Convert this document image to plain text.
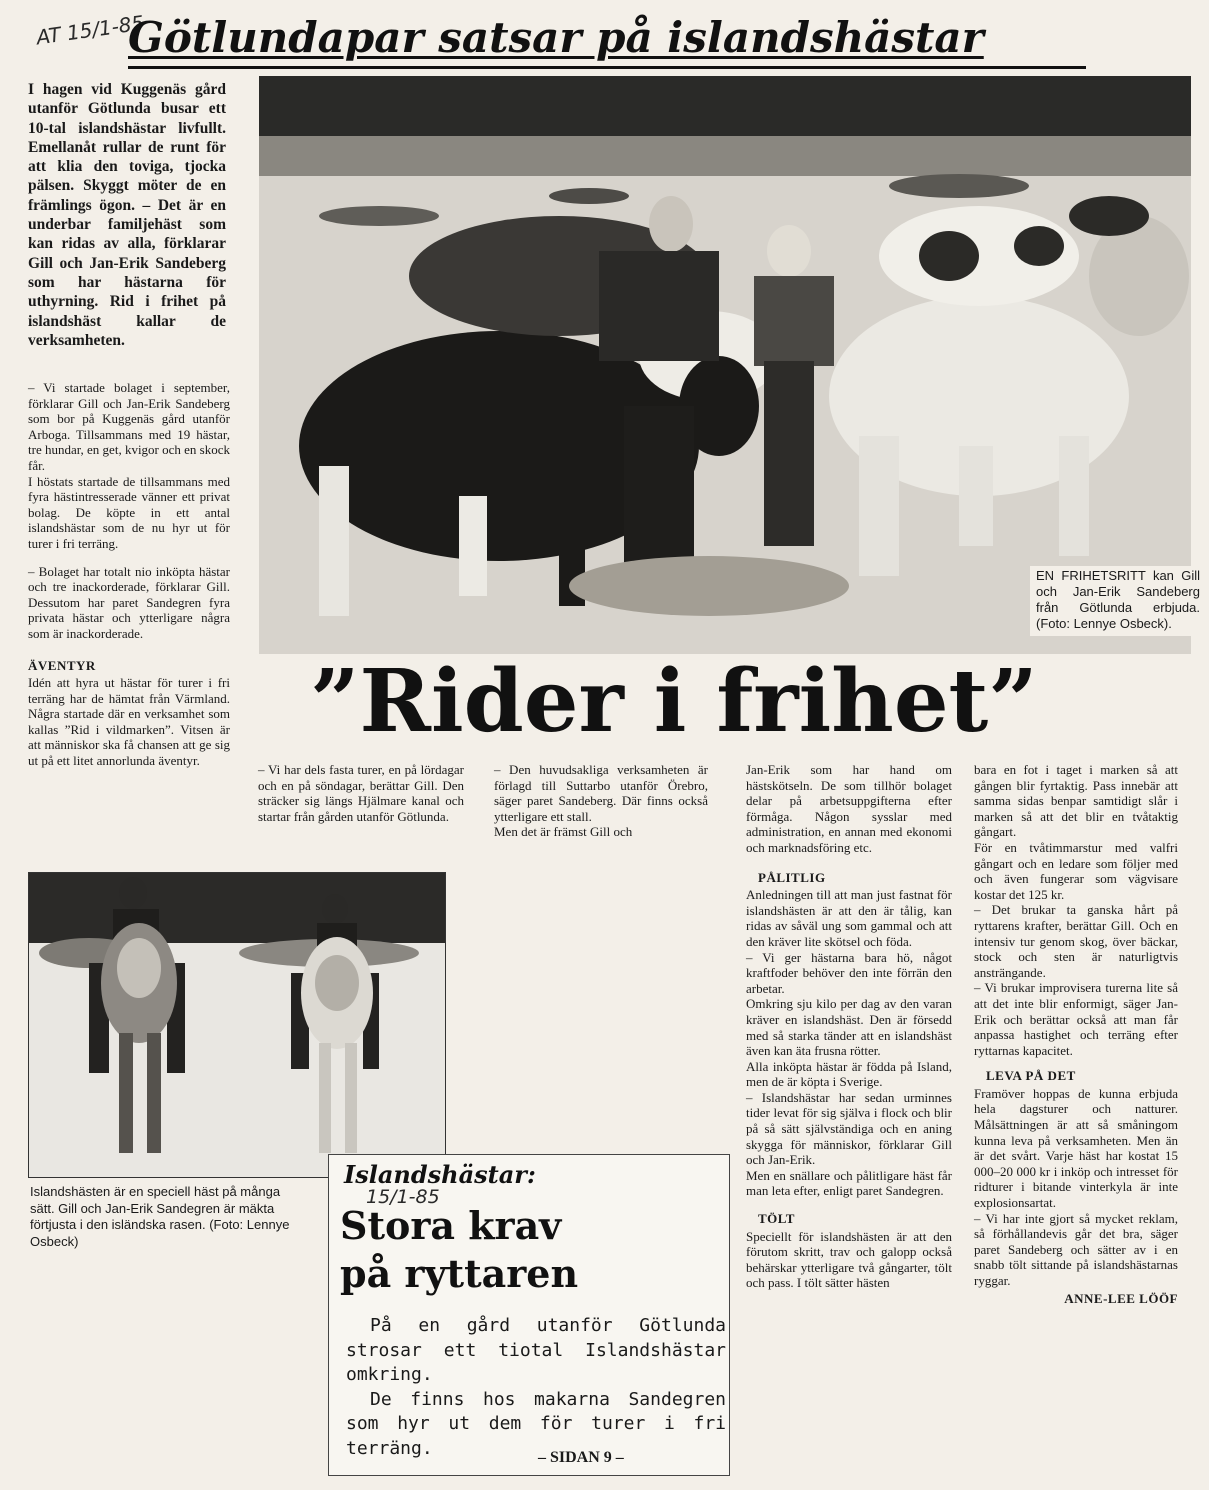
AT 15/1-85
Götlundapar satsar på islandshästar
I hagen vid Kuggenäs gård utanför Götlunda busar ett 10-tal islandshästar livfullt. Emellanåt rullar de runt för att klia den toviga, tjocka pälsen. Skyggt möter de en främlings ögon. – Det är en underbar familjehäst som kan ridas av alla, förklarar Gill och Jan-Erik Sandeberg som har hästarna för uthyrning. Rid i frihet på islandshäst kallar de verksamheten.

– Vi startade bolaget i september, förklarar Gill och Jan-Erik Sandeberg som bor på Kuggenäs gård utanför Arboga. Tillsammans med 19 hästar, tre hundar, en get, kvigor och en skock får.

I höstats startade de tillsammans med fyra hästintresserade vänner ett privat bolag. De köpte in ett antal islandshästar som de nu hyr ut för turer i fri terräng.

– Bolaget har totalt nio inköpta hästar och tre inackorderade, förklarar Gill. Dessutom har paret Sandegren fyra privata hästar och ytterligare några som är inackorderade.

ÄVENTYR

Idén att hyra ut hästar för turer i fri terräng har de hämtat från Värmland. Några startade där en verksamhet som kallas ”Rid i vildmarken”. Vitsen är att människor ska få chansen att ge sig ut på ett litet annorlunda äventyr.

EN FRIHETSRITT kan Gill och Jan-Erik Sandeberg från Götlunda erbjuda. (Foto: Lennye Osbeck).
”Rider i frihet”
– Vi har dels fasta turer, en på lördagar och en på söndagar, berättar Gill. Den sträcker sig längs Hjälmare kanal och startar från gården utanför Götlunda.

– Den huvudsakliga verksamheten är förlagd till Suttarbo utanför Örebro, säger paret Sandeberg. Där finns också ytterligare ett stall.

Men det är främst Gill och

Jan-Erik som har hand om hästskötseln. De som tillhör bolaget delar på arbetsuppgifterna efter förmåga. Någon sysslar med administration, en annan med ekonomi och marknadsföring etc.

PÅLITLIG

Anledningen till att man just fastnat för islandshästen är att den är tålig, kan ridas av såväl ung som gammal och att den kräver lite skötsel och föda.

– Vi ger hästarna bara hö, något kraftfoder behöver den inte förrän den arbetar.

Omkring sju kilo per dag av den varan kräver en islandshäst. Den är försedd med så starka tänder att en islandshäst även kan äta frusna rötter.

Alla inköpta hästar är födda på Island, men de är köpta i Sverige.

– Islandshästar har sedan urminnes tider levat för sig själva i flock och blir på så sätt självständiga och en aning skygga för människor, förklarar Gill och Jan-Erik.

Men en snällare och pålitligare häst får man leta efter, enligt paret Sandegren.

TÖLT

Speciellt för islandshästen är att den förutom skritt, trav och galopp också behärskar ytterligare två gångarter, tölt och pass. I tölt sätter hästen

bara en fot i taget i marken så att gången blir fyrtaktig. Pass innebär att samma sidas benpar samtidigt slår i marken så att det blir en tvåtaktig gångart.

För en tvåtimmarstur med valfri gångart och en ledare som följer med och även fungerar som vägvisare kostar det 125 kr.

– Det brukar ta ganska hårt på ryttarens krafter, berättar Gill. Och en intensiv tur genom skog, över bäckar, stock och sten är naturligtvis ansträngande.

– Vi brukar improvisera turerna lite så att det inte blir enformigt, säger Jan-Erik och berättar också att man får anpassa hastighet och terräng efter ryttarnas kapacitet.

LEVA PÅ DET

Framöver hoppas de kunna erbjuda hela dagsturer och natturer. Målsättningen är att så småningom kunna leva på verksamheten. Men än är det svårt. Varje häst har kostat 15 000–20 000 kr i inköp och intresset för ridturer i bitande vinterkyla är inte explosionsartat.

– Vi har inte gjort så mycket reklam, så förhållandevis går det bra, säger paret Sandeberg och sätter av i en snabb tölt sittande på islandshästarnas ryggar.

ANNE-LEE LÖÖF
Islandshästen är en speciell häst på många sätt. Gill och Jan-Erik Sandegren är mäkta förtjusta i den isländska rasen. (Foto: Lennye Osbeck)
Islandshästar:
15/1-85
Stora krav
på ryttaren

På en gård utanför Götlunda strosar ett tiotal Islandshästar omkring.

De finns hos makarna Sandegren som hyr ut dem för turer i fri terräng.	– SIDAN 9 –
